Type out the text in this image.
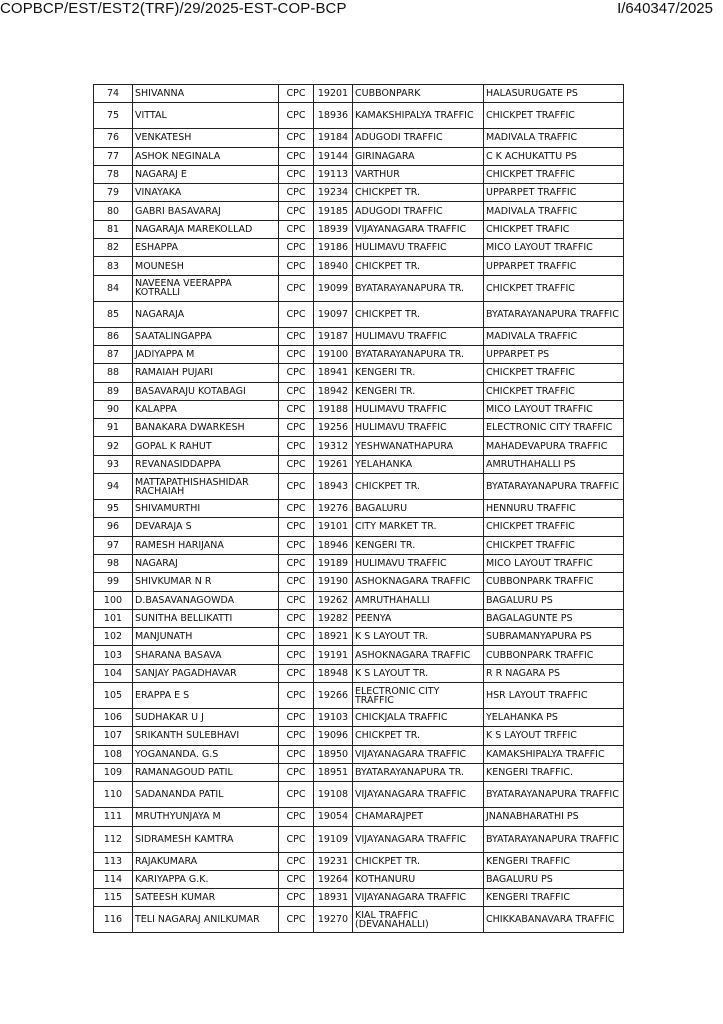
COPBCP/EST/EST2(TRF)/29/2025-EST-COP-BCP	I/640347/2025
74	SHIVANNA	CPC	19201	CUBBONPARK	HALASURUGATE PS
75	VITTAL	CPC	18936	KAMAKSHIPALYA TRAFFIC	CHICKPET TRAFFIC
76	VENKATESH	CPC	19184	ADUGODI TRAFFIC	MADIVALA TRAFFIC
77	ASHOK NEGINALA	CPC	19144	GIRINAGARA	C K ACHUKATTU PS
78	NAGARAJ E	CPC	19113	VARTHUR	CHICKPET TRAFFIC
79	VINAYAKA	CPC	19234	CHICKPET TR.	UPPARPET TRAFFIC
80	GABRI BASAVARAJ	CPC	19185	ADUGODI TRAFFIC	MADIVALA TRAFFIC
81	NAGARAJA MAREKOLLAD	CPC	18939	VIJAYANAGARA TRAFFIC	CHICKPET TRAFIC
82	ESHAPPA	CPC	19186	HULIMAVU TRAFFIC	MICO LAYOUT TRAFFIC
83	MOUNESH	CPC	18940	CHICKPET TR.	UPPARPET TRAFFIC
84	NAVEENA VEERAPPA KOTRALLI	CPC	19099	BYATARAYANAPURA TR.	CHICKPET TRAFFIC
85	NAGARAJA	CPC	19097	CHICKPET TR.	BYATARAYANAPURA TRAFFIC
86	SAATALINGAPPA	CPC	19187	HULIMAVU TRAFFIC	MADIVALA TRAFFIC
87	JADIYAPPA M	CPC	19100	BYATARAYANAPURA TR.	UPPARPET PS
88	RAMAIAH PUJARI	CPC	18941	KENGERI TR.	CHICKPET TRAFFIC
89	BASAVARAJU KOTABAGI	CPC	18942	KENGERI TR.	CHICKPET TRAFFIC
90	KALAPPA	CPC	19188	HULIMAVU TRAFFIC	MICO LAYOUT TRAFFIC
91	BANAKARA DWARKESH	CPC	19256	HULIMAVU TRAFFIC	ELECTRONIC CITY TRAFFIC
92	GOPAL K RAHUT	CPC	19312	YESHWANATHAPURA	MAHADEVAPURA TRAFFIC
93	REVANASIDDAPPA	CPC	19261	YELAHANKA	AMRUTHAHALLI PS
94	MATTAPATHISHASHIDAR RACHAIAH	CPC	18943	CHICKPET TR.	BYATARAYANAPURA TRAFFIC
95	SHIVAMURTHI	CPC	19276	BAGALURU	HENNURU TRAFFIC
96	DEVARAJA S	CPC	19101	CITY MARKET TR.	CHICKPET TRAFFIC
97	RAMESH HARIJANA	CPC	18946	KENGERI TR.	CHICKPET TRAFFIC
98	NAGARAJ	CPC	19189	HULIMAVU TRAFFIC	MICO LAYOUT TRAFFIC
99	SHIVKUMAR N R	CPC	19190	ASHOKNAGARA TRAFFIC	CUBBONPARK TRAFFIC
100	D.BASAVANAGOWDA	CPC	19262	AMRUTHAHALLI	BAGALURU PS
101	SUNITHA BELLIKATTI	CPC	19282	PEENYA	BAGALAGUNTE PS
102	MANJUNATH	CPC	18921	K S LAYOUT TR.	SUBRAMANYAPURA PS
103	SHARANA BASAVA	CPC	19191	ASHOKNAGARA TRAFFIC	CUBBONPARK TRAFFIC
104	SANJAY PAGADHAVAR	CPC	18948	K S LAYOUT TR.	R R NAGARA PS
105	ERAPPA E S	CPC	19266	ELECTRONIC CITY TRAFFIC	HSR LAYOUT TRAFFIC
106	SUDHAKAR U J	CPC	19103	CHICKJALA TRAFFIC	YELAHANKA PS
107	SRIKANTH SULEBHAVI	CPC	19096	CHICKPET TR.	K S LAYOUT TRFFIC
108	YOGANANDA. G.S	CPC	18950	VIJAYANAGARA TRAFFIC	KAMAKSHIPALYA TRAFFIC
109	RAMANAGOUD PATIL	CPC	18951	BYATARAYANAPURA TR.	KENGERI TRAFFIC.
110	SADANANDA PATIL	CPC	19108	VIJAYANAGARA TRAFFIC	BYATARAYANAPURA TRAFFIC
111	MRUTHYUNJAYA M	CPC	19054	CHAMARAJPET	JNANABHARATHI PS
112	SIDRAMESH KAMTRA	CPC	19109	VIJAYANAGARA TRAFFIC	BYATARAYANAPURA TRAFFIC
113	RAJAKUMARA	CPC	19231	CHICKPET TR.	KENGERI TRAFFIC
114	KARIYAPPA G.K.	CPC	19264	KOTHANURU	BAGALURU PS
115	SATEESH KUMAR	CPC	18931	VIJAYANAGARA TRAFFIC	KENGERI TRAFFIC
116	TELI NAGARAJ ANILKUMAR	CPC	19270	KIAL TRAFFIC (DEVANAHALLI)	CHIKKABANAVARA TRAFFIC
